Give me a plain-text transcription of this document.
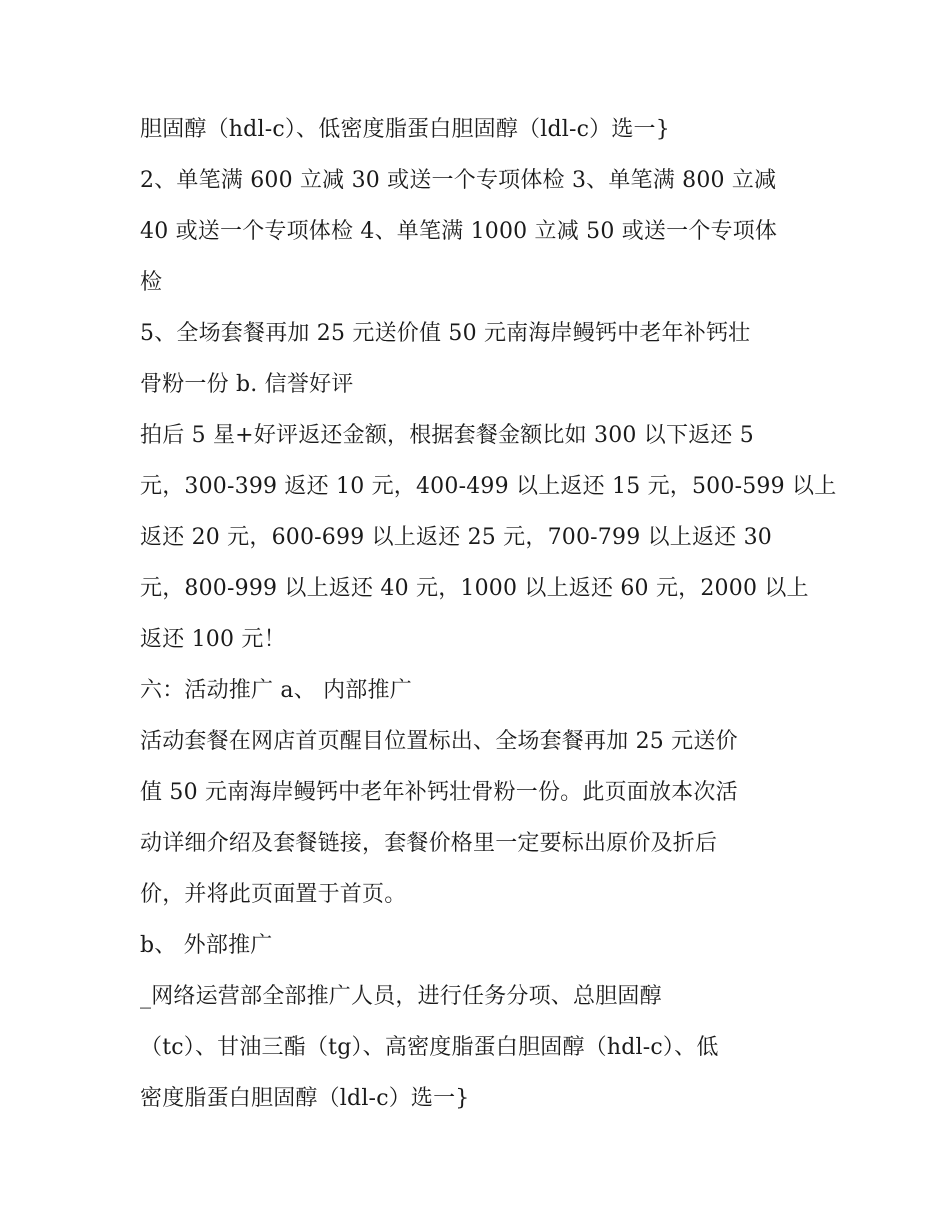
胆固醇（hdl-c）、低密度脂蛋白胆固醇（ldl-c）选一}
2、单笔满 600 立减 30 或送一个专项体检 3、单笔满 800 立减
40 或送一个专项体检 4、单笔满 1000 立减 50 或送一个专项体
检
5、全场套餐再加 25 元送价值 50 元南海岸鳗钙中老年补钙壮
骨粉一份 b. 信誉好评
拍后 5 星+好评返还金额，根据套餐金额比如 300 以下返还 5
元，300-399 返还 10 元，400-499 以上返还 15 元，500-599 以上
返还 20 元，600-699 以上返还 25 元，700-799 以上返还 30
元，800-999 以上返还 40 元，1000 以上返还 60 元，2000 以上
返还 100 元！
六：活动推广 a、 内部推广
活动套餐在网店首页醒目位置标出、全场套餐再加 25 元送价
值 50 元南海岸鳗钙中老年补钙壮骨粉一份。此页面放本次活
动详细介绍及套餐链接，套餐价格里一定要标出原价及折后
价，并将此页面置于首页。
b、 外部推广
_网络运营部全部推广人员，进行任务分项、总胆固醇
（tc）、甘油三酯（tg）、高密度脂蛋白胆固醇（hdl-c）、低
密度脂蛋白胆固醇（ldl-c）选一}
